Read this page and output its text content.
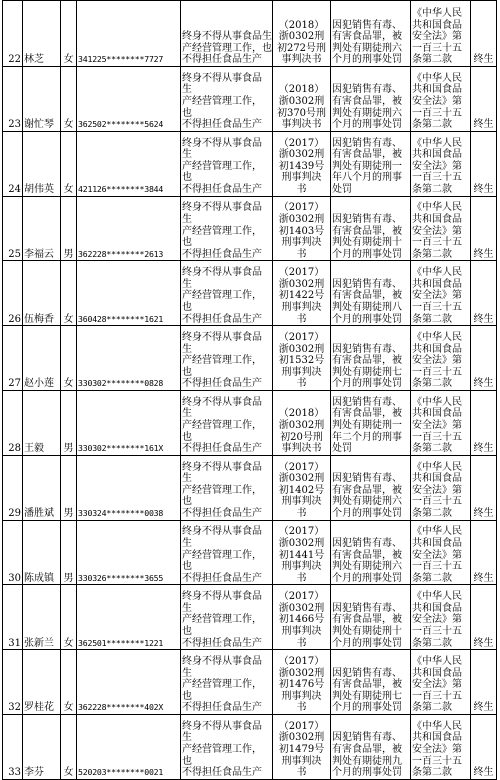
22	林芝	女	341225********7727	终身不得从事食品生
产经营管理工作，也
不得担任食品生产	（2018）
浙0302刑
初272号刑
事判决书	因犯销售有毒、
有害食品罪，被
判处有期徒刑六
个月的刑事处罚	《中华人民
共和国食品
安全法》第
一百三十五
条第二款	终生
23	谢忙琴	女	362502********5624	终身不得从事食品
生
产经营管理工作，
也
不得担任食品生产	（2018）
浙0302刑
初370号刑
事判决书	因犯销售有毒、
有害食品罪，被
判处有期徒刑六
个月的刑事处罚	《中华人民
共和国食品
安全法》第
一百三十五
条第二款	终生
24	胡伟英	女	421126********3844	终身不得从事食品
生
产经营管理工作，
也
不得担任食品生产	（2017）
浙0302刑
初1439号
刑事判决
书	因犯销售有毒、
有害食品罪，被
判处有期徒刑一
年八个月的刑事
处罚	《中华人民
共和国食品
安全法》第
一百三十五
条第二款	终生
25	李福云	男	362228********2613	终身不得从事食品
生
产经营管理工作，
也
不得担任食品生产	（2017）
浙0302刑
初1403号
刑事判决
书	因犯销售有毒、
有害食品罪，被
判处有期徒刑十
个月的刑事处罚	《中华人民
共和国食品
安全法》第
一百三十五
条第二款	终生
26	伍梅香	女	360428********1621	终身不得从事食品
生
产经营管理工作，
也
不得担任食品生产	（2017）
浙0302刑
初1422号
刑事判决
书	因犯销售有毒、
有害食品罪，被
判处有期徒刑八
个月的刑事处罚	《中华人民
共和国食品
安全法》第
一百三十五
条第二款	终生
27	赵小莲	女	330302********0828	终身不得从事食品
生
产经营管理工作，
也
不得担任食品生产	（2017）
浙0302刑
初1532号
刑事判决
书	因犯销售有毒、
有害食品罪，被
判处有期徒刑七
个月的刑事处罚	《中华人民
共和国食品
安全法》第
一百三十五
条第二款	终生
28	王毅	男	330302********161X	终身不得从事食品
生
产经营管理工作，
也
不得担任食品生产	（2018）
浙0302刑
初20号刑
事判决书	因犯销售有毒、
有害食品罪，被
判处有期徒刑一
年二个月的刑事
处罚	《中华人民
共和国食品
安全法》第
一百三十五
条第二款	终生
29	潘胜斌	男	330324********0038	终身不得从事食品
生
产经营管理工作，
也
不得担任食品生产	（2017）
浙0302刑
初1402号
刑事判决
书	因犯销售有毒、
有害食品罪，被
判处有期徒刑六
个月的刑事处罚	《中华人民
共和国食品
安全法》第
一百三十五
条第二款	终生
30	陈成镇	男	330326********3655	终身不得从事食品
生
产经营管理工作，
也
不得担任食品生产	（2017）
浙0302刑
初1441号
刑事判决
书	因犯销售有毒、
有害食品罪，被
判处有期徒刑六
个月的刑事处罚	《中华人民
共和国食品
安全法》第
一百三十五
条第二款	终生
31	张新兰	女	362501********1221	终身不得从事食品
生
产经营管理工作，
也
不得担任食品生产	（2017）
浙0302刑
初1466号
刑事判决
书	因犯销售有毒、
有害食品罪，被
判处有期徒刑十
个月的刑事处罚	《中华人民
共和国食品
安全法》第
一百三十五
条第二款	终生
32	罗桂花	女	362228********402X	终身不得从事食品
生
产经营管理工作，
也
不得担任食品生产	（2017）
浙0302刑
初1476号
刑事判决
书	因犯销售有毒、
有害食品罪，被
判处有期徒刑七
个月的刑事处罚	《中华人民
共和国食品
安全法》第
一百三十五
条第二款	终生
33	李芬	女	520203********0021	终身不得从事食品
生
产经营管理工作，
也
不得担任食品生产	（2017）
浙0302刑
初1479号
刑事判决
书	因犯销售有毒、
有害食品罪，被
判处有期徒刑九
个月的刑事处罚	《中华人民
共和国食品
安全法》第
一百三十五
条第二款	终生
